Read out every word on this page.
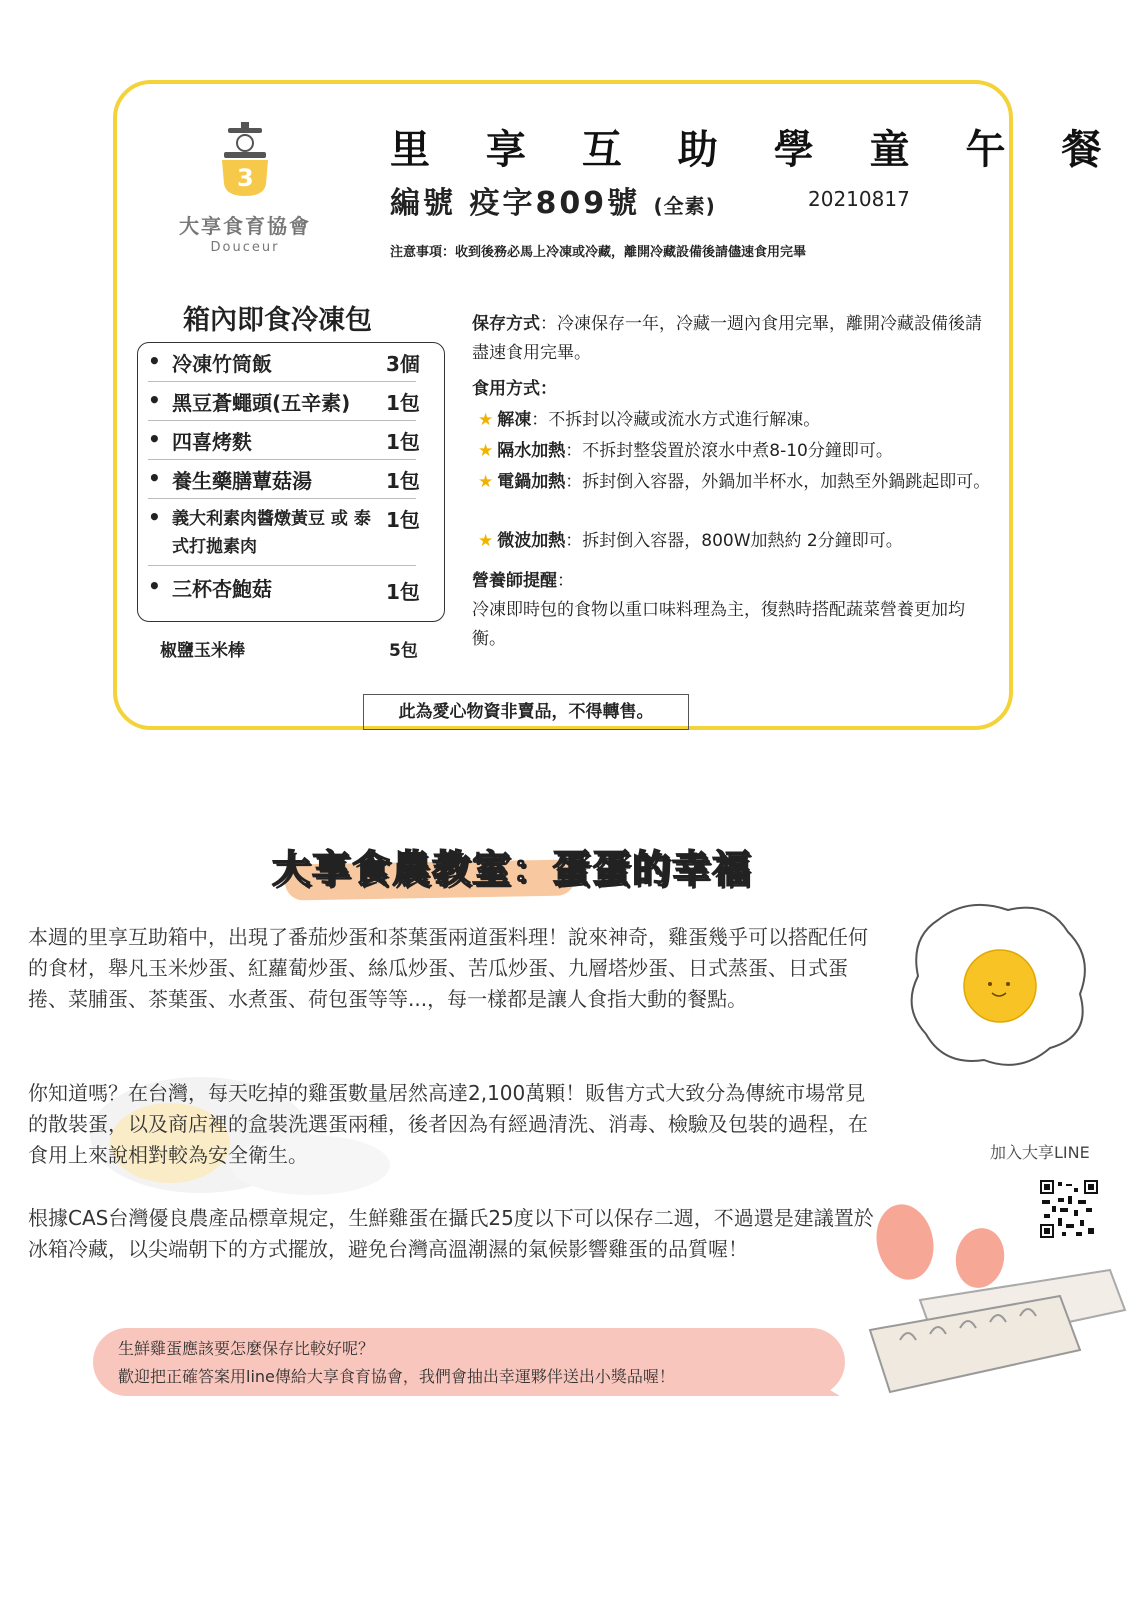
3
大享食育協會
Douceur
里 享 互 助 學 童 午 餐
編號 疫字809號 (全素)	20210817
注意事項：收到後務必馬上冷凍或冷藏，離開冷藏設備後請儘速食用完畢
箱內即食冷凍包
• 冷凍竹筒飯	3個
• 黑豆蒼蠅頭(五辛素) 1包
• 四喜烤麩	1包
• 養生藥膳蕈菇湯	1包
• 義大利素肉醬燉黃豆 或 泰式打拋素肉
1包
• 三杯杏鮑菇	1包
椒鹽玉米棒	5包
保存方式：冷凍保存一年，冷藏一週內食用完畢，離開冷藏設備後請盡速食用完畢。
食用方式：
★ 解凍：不拆封以冷藏或流水方式進行解凍。
★ 隔水加熱：不拆封整袋置於滾水中煮8-10分鐘即可。
★ 電鍋加熱：拆封倒入容器，外鍋加半杯水，加熱至外鍋跳起即可。
★ 微波加熱：拆封倒入容器，800W加熱約 2分鐘即可。
營養師提醒：
冷凍即時包的食物以重口味料理為主，復熱時搭配蔬菜營養更加均衡。
此為愛心物資非賣品，不得轉售。
大享食農教室：蛋蛋的幸福
本週的里享互助箱中，出現了番茄炒蛋和茶葉蛋兩道蛋料理！說來神奇，雞蛋幾乎可以搭配任何的食材，舉凡玉米炒蛋、紅蘿蔔炒蛋、絲瓜炒蛋、苦瓜炒蛋、九層塔炒蛋、日式蒸蛋、日式蛋捲、菜脯蛋、茶葉蛋、水煮蛋、荷包蛋等等...，每一樣都是讓人食指大動的餐點。
你知道嗎？在台灣，每天吃掉的雞蛋數量居然高達2,100萬顆！販售方式大致分為傳統市場常見的散裝蛋，以及商店裡的盒裝洗選蛋兩種，後者因為有經過清洗、消毒、檢驗及包裝的過程，在食用上來說相對較為安全衛生。
根據CAS台灣優良農產品標章規定，生鮮雞蛋在攝氏25度以下可以保存二週，不過還是建議置於冰箱冷藏，以尖端朝下的方式擺放，避免台灣高溫潮濕的氣候影響雞蛋的品質喔！
生鮮雞蛋應該要怎麼保存比較好呢？
歡迎把正確答案用line傳給大享食育協會，我們會抽出幸運夥伴送出小獎品喔！
加入大享LINE
